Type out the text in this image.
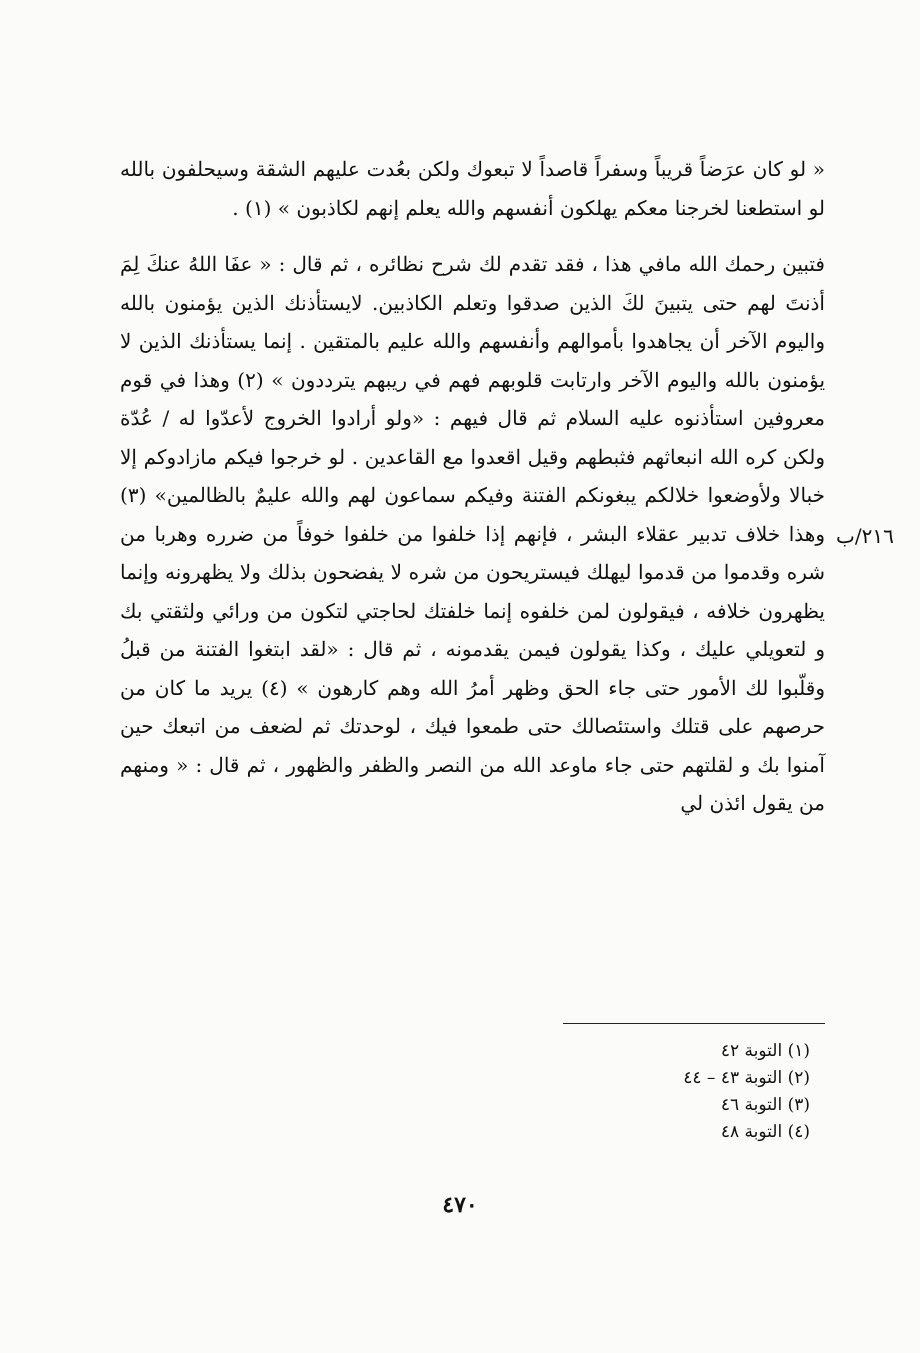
« لو كان عرَضاً قريباً وسفراً قاصداً لا تبعوك ولكن بعُدت عليهم الشقة وسيحلفون بالله لو استطعنا لخرجنا معكم يهلكون أنفسهم والله يعلم إنهم لكاذبون » (١) .

فتبين رحمك الله مافي هذا ، فقد تقدم لك شرح نظائره ، ثم قال : « عفَا اللهُ عنكَ لِمَ أذنتَ لهم حتى يتبينَ لكَ الذين صدقوا وتعلم الكاذبين. لايستأذنك الذين يؤمنون بالله واليوم الآخر أن يجاهدوا بأموالهم وأنفسهم والله عليم بالمتقين . إنما يستأذنك الذين لا يؤمنون بالله واليوم الآخر وارتابت قلوبهم فهم في ريبهم يترددون » (٢) وهذا في قوم معروفين استأذنوه عليه السلام ثم قال فيهم : «ولو أرادوا الخروج لأعدّوا له / عُدّة ولكن كره الله انبعاثهم فثبطهم وقيل اقعدوا مع القاعدين . لو خرجوا فيكم مازادوكم إلا خبالا ولأوضعوا خلالكم يبغونكم الفتنة وفيكم سماعون لهم والله عليمٌ بالظالمين» (٣) وهذا خلاف تدبير عقلاء البشر ، فإنهم إذا خلفوا من خلفوا خوفاً من ضرره وهربا من شره وقدموا من قدموا ليهلك فيستريحون من شره لا يفضحون بذلك ولا يظهرونه وإنما يظهرون خلافه ، فيقولون لمن خلفوه إنما خلفتك لحاجتي لتكون من ورائي ولثقتي بك و لتعويلي عليك ، وكذا يقولون فيمن يقدمونه ، ثم قال : «لقد ابتغوا الفتنة من قبلُ وقلّبوا لك الأمور حتى جاء الحق وظهر أمرُ الله وهم كارهون » (٤) يريد ما كان من حرصهم على قتلك واستئصالك حتى طمعوا فيك ، لوحدتك ثم لضعف من اتبعك حين آمنوا بك و لقلتهم حتى جاء ماوعد الله من النصر والظفر والظهور ، ثم قال : « ومنهم من يقول ائذن لي

٢١٦/ب
(١) التوبة ٤٢
(٢) التوبة ٤٣ – ٤٤
(٣) التوبة ٤٦
(٤) التوبة ٤٨
٤٧٠
